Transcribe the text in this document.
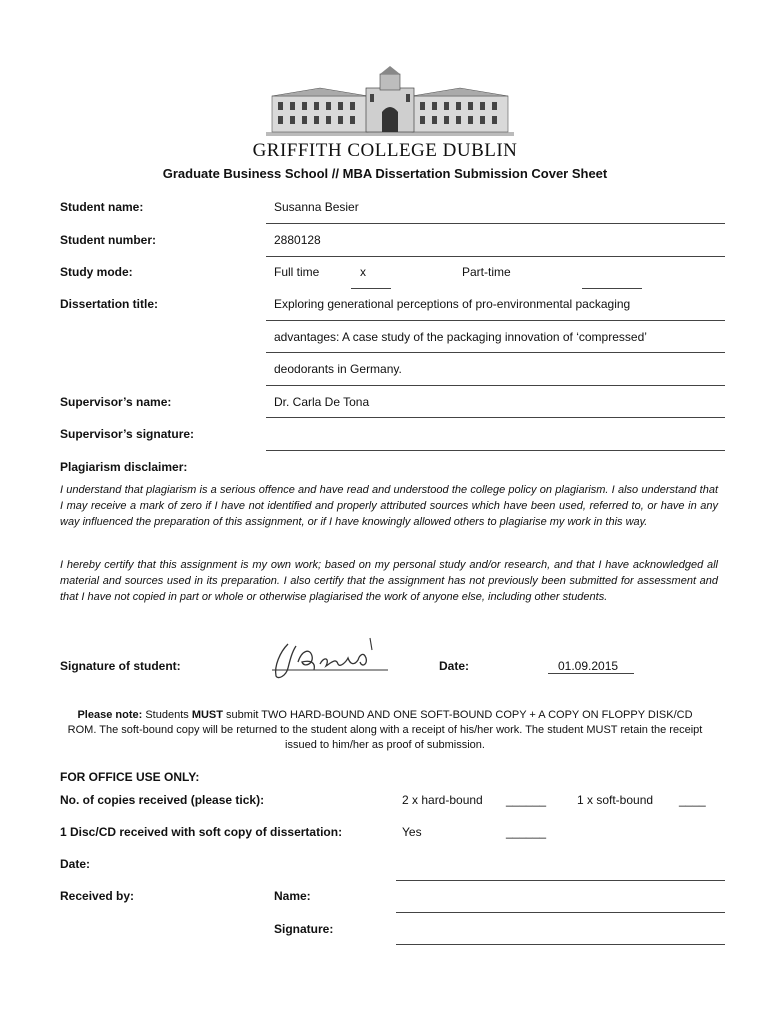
GRIFFITH COLLEGE DUBLIN
Graduate Business School // MBA Dissertation Submission Cover Sheet
Student name:	Susanna Besier
Student number:	2880128
Study mode:	Full time	x	Part-time
Dissertation title:	Exploring generational perceptions of pro-environmental packaging
advantages: A case study of the packaging innovation of ‘compressed’
deodorants in Germany.
Supervisor’s name:	Dr. Carla De Tona
Supervisor’s signature:
Plagiarism disclaimer:
I understand that plagiarism is a serious offence and have read and understood the college policy on plagiarism. I also understand that I may receive a mark of zero if I have not identified and properly attributed sources which have been used, referred to, or have in any way influenced the preparation of this assignment, or if I have knowingly allowed others to plagiarise my work in this way.
I hereby certify that this assignment is my own work; based on my personal study and/or research, and that I have acknowledged all material and sources used in its preparation. I also certify that the assignment has not previously been submitted for assessment and that I have not copied in part or whole or otherwise plagiarised the work of anyone else, including other students.
Signature of student:	Date:	01.09.2015
Please note: Students MUST submit TWO HARD-BOUND AND ONE SOFT-BOUND COPY + A COPY ON FLOPPY DISK/CD ROM. The soft-bound copy will be returned to the student along with a receipt of his/her work. The student MUST retain the receipt issued to him/her as proof of submission.
FOR OFFICE USE ONLY:
No. of copies received (please tick):	2 x hard-bound ______	1 x soft-bound ____
1 Disc/CD received with soft copy of dissertation:	Yes	______
Date:
Received by:	Name:
Signature:
